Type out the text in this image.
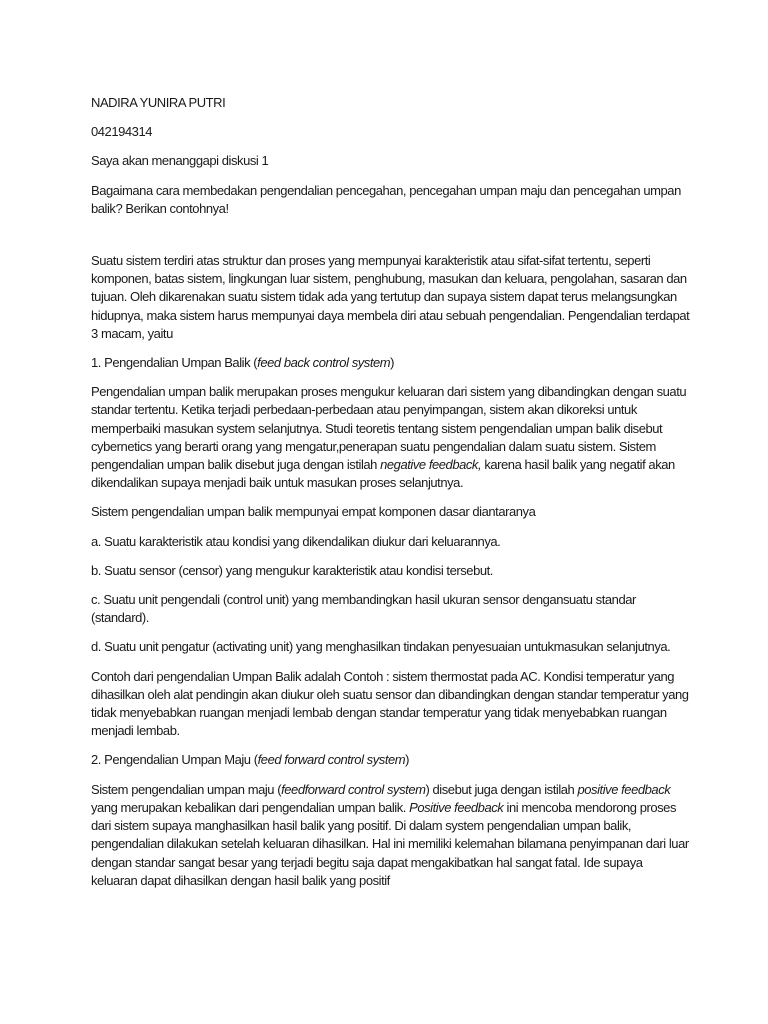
NADIRA YUNIRA PUTRI

042194314

Saya akan menanggapi diskusi 1

Bagaimana cara membedakan pengendalian pencegahan, pencegahan umpan maju dan pencegahan umpan balik? Berikan contohnya!

Suatu sistem terdiri atas struktur dan proses yang mempunyai karakteristik atau sifat-sifat tertentu, seperti komponen, batas sistem, lingkungan luar sistem, penghubung, masukan dan keluara, pengolahan, sasaran dan tujuan. Oleh dikarenakan suatu sistem tidak ada yang tertutup dan supaya sistem dapat terus melangsungkan hidupnya, maka sistem harus mempunyai daya membela diri atau sebuah pengendalian. Pengendalian terdapat 3 macam, yaitu

1. Pengendalian Umpan Balik (feed back control system)

Pengendalian umpan balik merupakan proses mengukur keluaran dari sistem yang dibandingkan dengan suatu standar tertentu. Ketika terjadi perbedaan-perbedaan atau penyimpangan, sistem akan dikoreksi untuk memperbaiki masukan system selanjutnya. Studi teoretis tentang sistem pengendalian umpan balik disebut cybernetics yang berarti orang yang mengatur,penerapan suatu pengendalian dalam suatu sistem. Sistem pengendalian umpan balik disebut juga dengan istilah negative feedback, karena hasil balik yang negatif akan dikendalikan supaya menjadi baik untuk masukan proses selanjutnya.

Sistem pengendalian umpan balik mempunyai empat komponen dasar diantaranya

a. Suatu karakteristik atau kondisi yang dikendalikan diukur dari keluarannya.

b. Suatu sensor (censor) yang mengukur karakteristik atau kondisi tersebut.

c. Suatu unit pengendali (control unit) yang membandingkan hasil ukuran sensor dengansuatu standar (standard).

d. Suatu unit pengatur (activating unit) yang menghasilkan tindakan penyesuaian untukmasukan selanjutnya.

Contoh dari pengendalian Umpan Balik adalah Contoh : sistem thermostat pada AC. Kondisi temperatur yang dihasilkan oleh alat pendingin akan diukur oleh suatu sensor dan dibandingkan dengan standar temperatur yang tidak menyebabkan ruangan menjadi lembab dengan standar temperatur yang tidak menyebabkan ruangan menjadi lembab.

2. Pengendalian Umpan Maju (feed forward control system)

Sistem pengendalian umpan maju (feedforward control system) disebut juga dengan istilah positive feedback yang merupakan kebalikan dari pengendalian umpan balik. Positive feedback ini mencoba mendorong proses dari sistem supaya manghasilkan hasil balik yang positif. Di dalam system pengendalian umpan balik, pengendalian dilakukan setelah keluaran dihasilkan. Hal ini memiliki kelemahan bilamana penyimpanan dari luar dengan standar sangat besar yang terjadi begitu saja dapat mengakibatkan hal sangat fatal. Ide supaya keluaran dapat dihasilkan dengan hasil balik yang positif
